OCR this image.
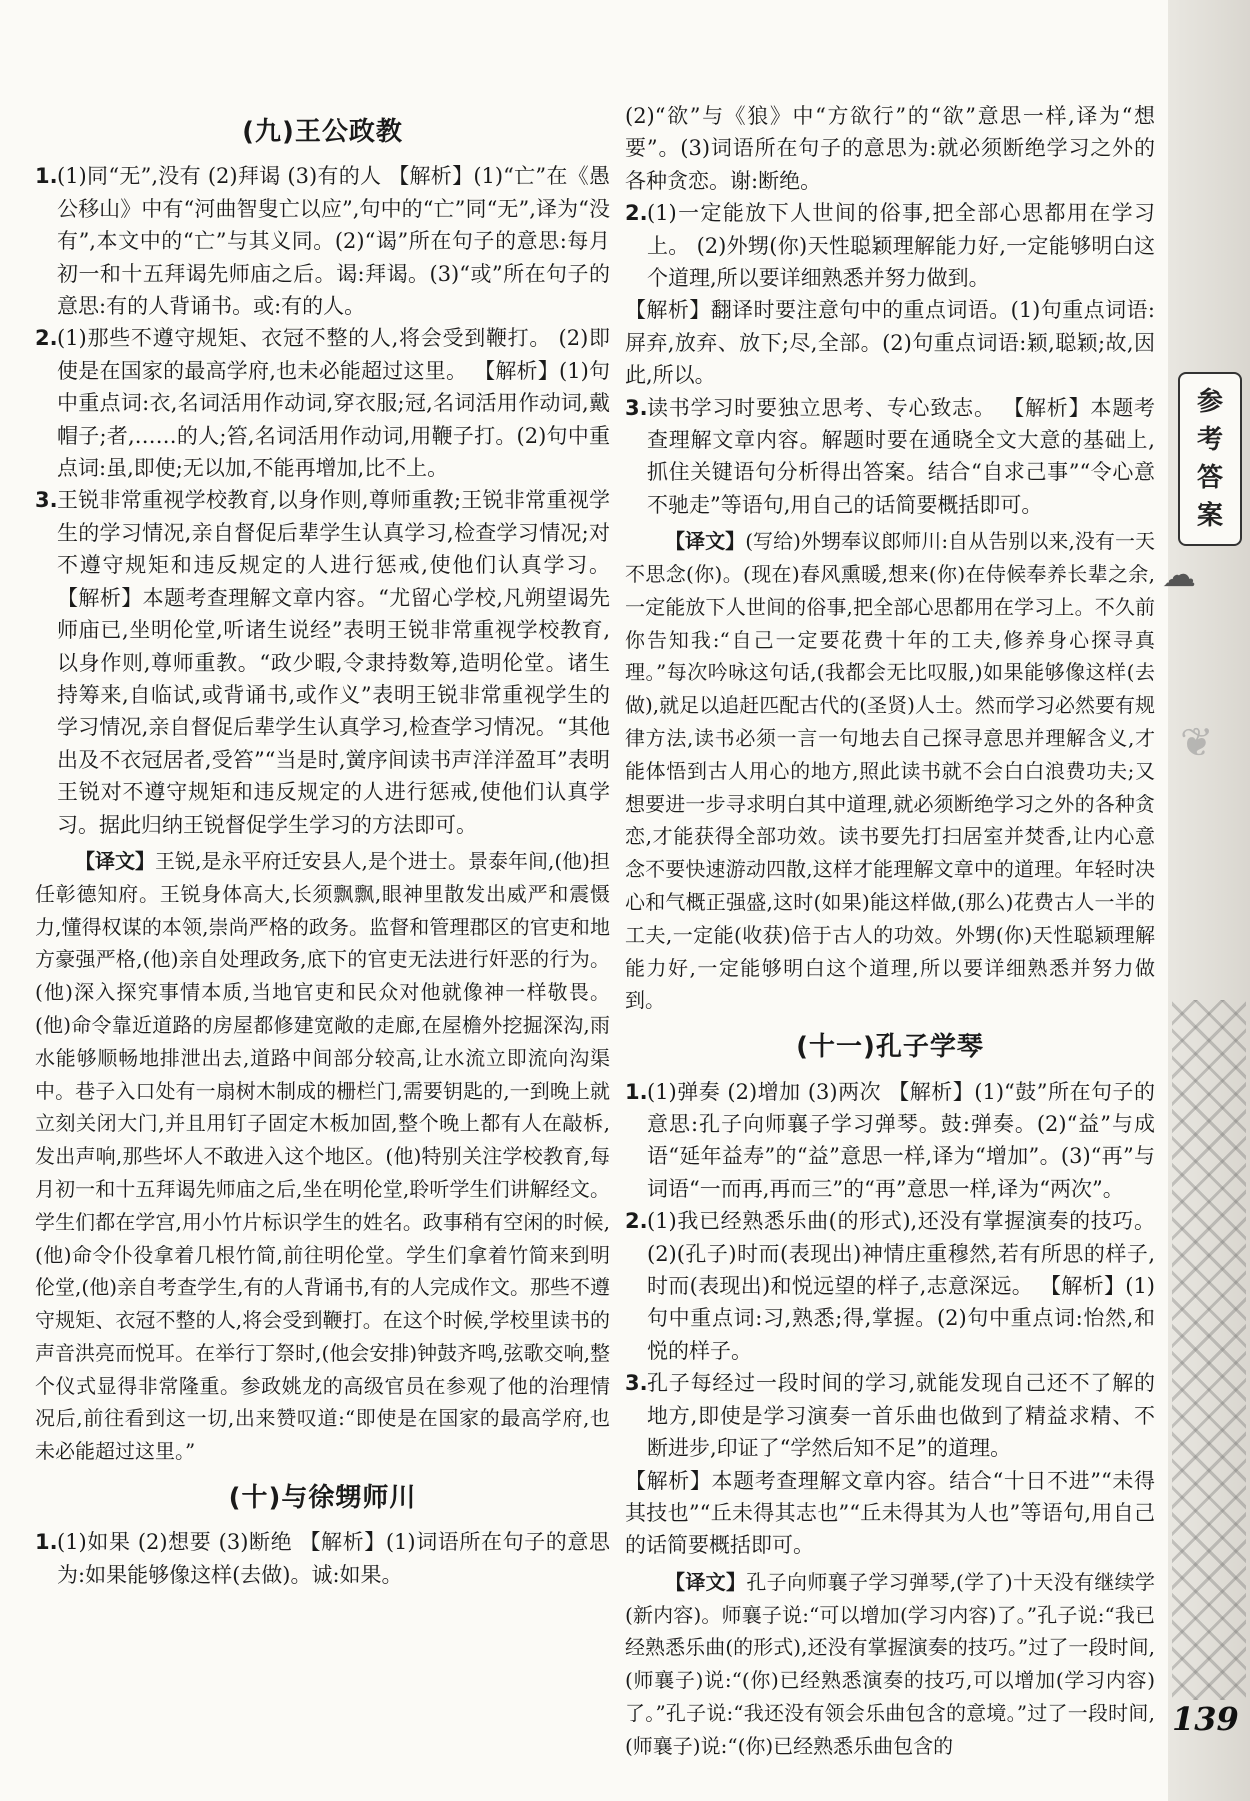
(九)王公政教
1. (1)同“无”,没有 (2)拜谒 (3)有的人 【解析】(1)“亡”在《愚公移山》中有“河曲智叟亡以应”,句中的“亡”同“无”,译为“没有”,本文中的“亡”与其义同。(2)“谒”所在句子的意思:每月初一和十五拜谒先师庙之后。谒:拜谒。(3)“或”所在句子的意思:有的人背诵书。或:有的人。

2. (1)那些不遵守规矩、衣冠不整的人,将会受到鞭打。 (2)即使是在国家的最高学府,也未必能超过这里。 【解析】(1)句中重点词:衣,名词活用作动词,穿衣服;冠,名词活用作动词,戴帽子;者,……的人;笞,名词活用作动词,用鞭子打。(2)句中重点词:虽,即使;无以加,不能再增加,比不上。

3. 王锐非常重视学校教育,以身作则,尊师重教;王锐非常重视学生的学习情况,亲自督促后辈学生认真学习,检查学习情况;对不遵守规矩和违反规定的人进行惩戒,使他们认真学习。 【解析】本题考查理解文章内容。“尤留心学校,凡朔望谒先师庙已,坐明伦堂,听诸生说经”表明王锐非常重视学校教育,以身作则,尊师重教。“政少暇,令隶持数筹,造明伦堂。诸生持筹来,自临试,或背诵书,或作义”表明王锐非常重视学生的学习情况,亲自督促后辈学生认真学习,检查学习情况。“其他出及不衣冠居者,受笞”“当是时,黉序间读书声洋洋盈耳”表明王锐对不遵守规矩和违反规定的人进行惩戒,使他们认真学习。据此归纳王锐督促学生学习的方法即可。

【译文】王锐,是永平府迁安县人,是个进士。景泰年间,(他)担任彰德知府。王锐身体高大,长须飘飘,眼神里散发出威严和震慑力,懂得权谋的本领,崇尚严格的政务。监督和管理郡区的官吏和地方豪强严格,(他)亲自处理政务,底下的官吏无法进行奸恶的行为。(他)深入探究事情本质,当地官吏和民众对他就像神一样敬畏。(他)命令靠近道路的房屋都修建宽敞的走廊,在屋檐外挖掘深沟,雨水能够顺畅地排泄出去,道路中间部分较高,让水流立即流向沟渠中。巷子入口处有一扇树木制成的栅栏门,需要钥匙的,一到晚上就立刻关闭大门,并且用钉子固定木板加固,整个晚上都有人在敲柝,发出声响,那些坏人不敢进入这个地区。(他)特别关注学校教育,每月初一和十五拜谒先师庙之后,坐在明伦堂,聆听学生们讲解经文。学生们都在学宫,用小竹片标识学生的姓名。政事稍有空闲的时候,(他)命令仆役拿着几根竹简,前往明伦堂。学生们拿着竹简来到明伦堂,(他)亲自考查学生,有的人背诵书,有的人完成作文。那些不遵守规矩、衣冠不整的人,将会受到鞭打。在这个时候,学校里读书的声音洪亮而悦耳。在举行丁祭时,(他会安排)钟鼓齐鸣,弦歌交响,整个仪式显得非常隆重。参政姚龙的高级官员在参观了他的治理情况后,前往看到这一切,出来赞叹道:“即使是在国家的最高学府,也未必能超过这里。”

(十)与徐甥师川
1. (1)如果 (2)想要 (3)断绝 【解析】(1)词语所在句子的意思为:如果能够像这样(去做)。诚:如果。

(2)“欲”与《狼》中“方欲行”的“欲”意思一样,译为“想要”。(3)词语所在句子的意思为:就必须断绝学习之外的各种贪恋。谢:断绝。

2. (1)一定能放下人世间的俗事,把全部心思都用在学习上。 (2)外甥(你)天性聪颖理解能力好,一定能够明白这个道理,所以要详细熟悉并努力做到。

【解析】翻译时要注意句中的重点词语。(1)句重点词语:屏弃,放弃、放下;尽,全部。(2)句重点词语:颖,聪颖;故,因此,所以。

3. 读书学习时要独立思考、专心致志。 【解析】本题考查理解文章内容。解题时要在通晓全文大意的基础上,抓住关键语句分析得出答案。结合“自求己事”“令心意不驰走”等语句,用自己的话简要概括即可。

【译文】(写给)外甥奉议郎师川:自从告别以来,没有一天不思念(你)。(现在)春风熏暖,想来(你)在侍候奉养长辈之余,一定能放下人世间的俗事,把全部心思都用在学习上。不久前你告知我:“自己一定要花费十年的工夫,修养身心探寻真理。”每次吟咏这句话,(我都会无比叹服,)如果能够像这样(去做),就足以追赶匹配古代的(圣贤)人士。然而学习必然要有规律方法,读书必须一言一句地去自己探寻意思并理解含义,才能体悟到古人用心的地方,照此读书就不会白白浪费功夫;又想要进一步寻求明白其中道理,就必须断绝学习之外的各种贪恋,才能获得全部功效。读书要先打扫居室并焚香,让内心意念不要快速游动四散,这样才能理解文章中的道理。年轻时决心和气概正强盛,这时(如果)能这样做,(那么)花费古人一半的工夫,一定能(收获)倍于古人的功效。外甥(你)天性聪颖理解能力好,一定能够明白这个道理,所以要详细熟悉并努力做到。

(十一)孔子学琴
1. (1)弹奏 (2)增加 (3)两次 【解析】(1)“鼓”所在句子的意思:孔子向师襄子学习弹琴。鼓:弹奏。(2)“益”与成语“延年益寿”的“益”意思一样,译为“增加”。(3)“再”与词语“一而再,再而三”的“再”意思一样,译为“两次”。

2. (1)我已经熟悉乐曲(的形式),还没有掌握演奏的技巧。 (2)(孔子)时而(表现出)神情庄重穆然,若有所思的样子,时而(表现出)和悦远望的样子,志意深远。 【解析】(1)句中重点词:习,熟悉;得,掌握。(2)句中重点词:怡然,和悦的样子。

3. 孔子每经过一段时间的学习,就能发现自己还不了解的地方,即使是学习演奏一首乐曲也做到了精益求精、不断进步,印证了“学然后知不足”的道理。

【解析】本题考查理解文章内容。结合“十日不进”“未得其技也”“丘未得其志也”“丘未得其为人也”等语句,用自己的话简要概括即可。

【译文】孔子向师襄子学习弹琴,(学了)十天没有继续学(新内容)。师襄子说:“可以增加(学习内容)了。”孔子说:“我已经熟悉乐曲(的形式),还没有掌握演奏的技巧。”过了一段时间,(师襄子)说:“(你)已经熟悉演奏的技巧,可以增加(学习内容)了。”孔子说:“我还没有领会乐曲包含的意境。”过了一段时间,(师襄子)说:“(你)已经熟悉乐曲包含的

参
考
答
案
☁
❦
139
